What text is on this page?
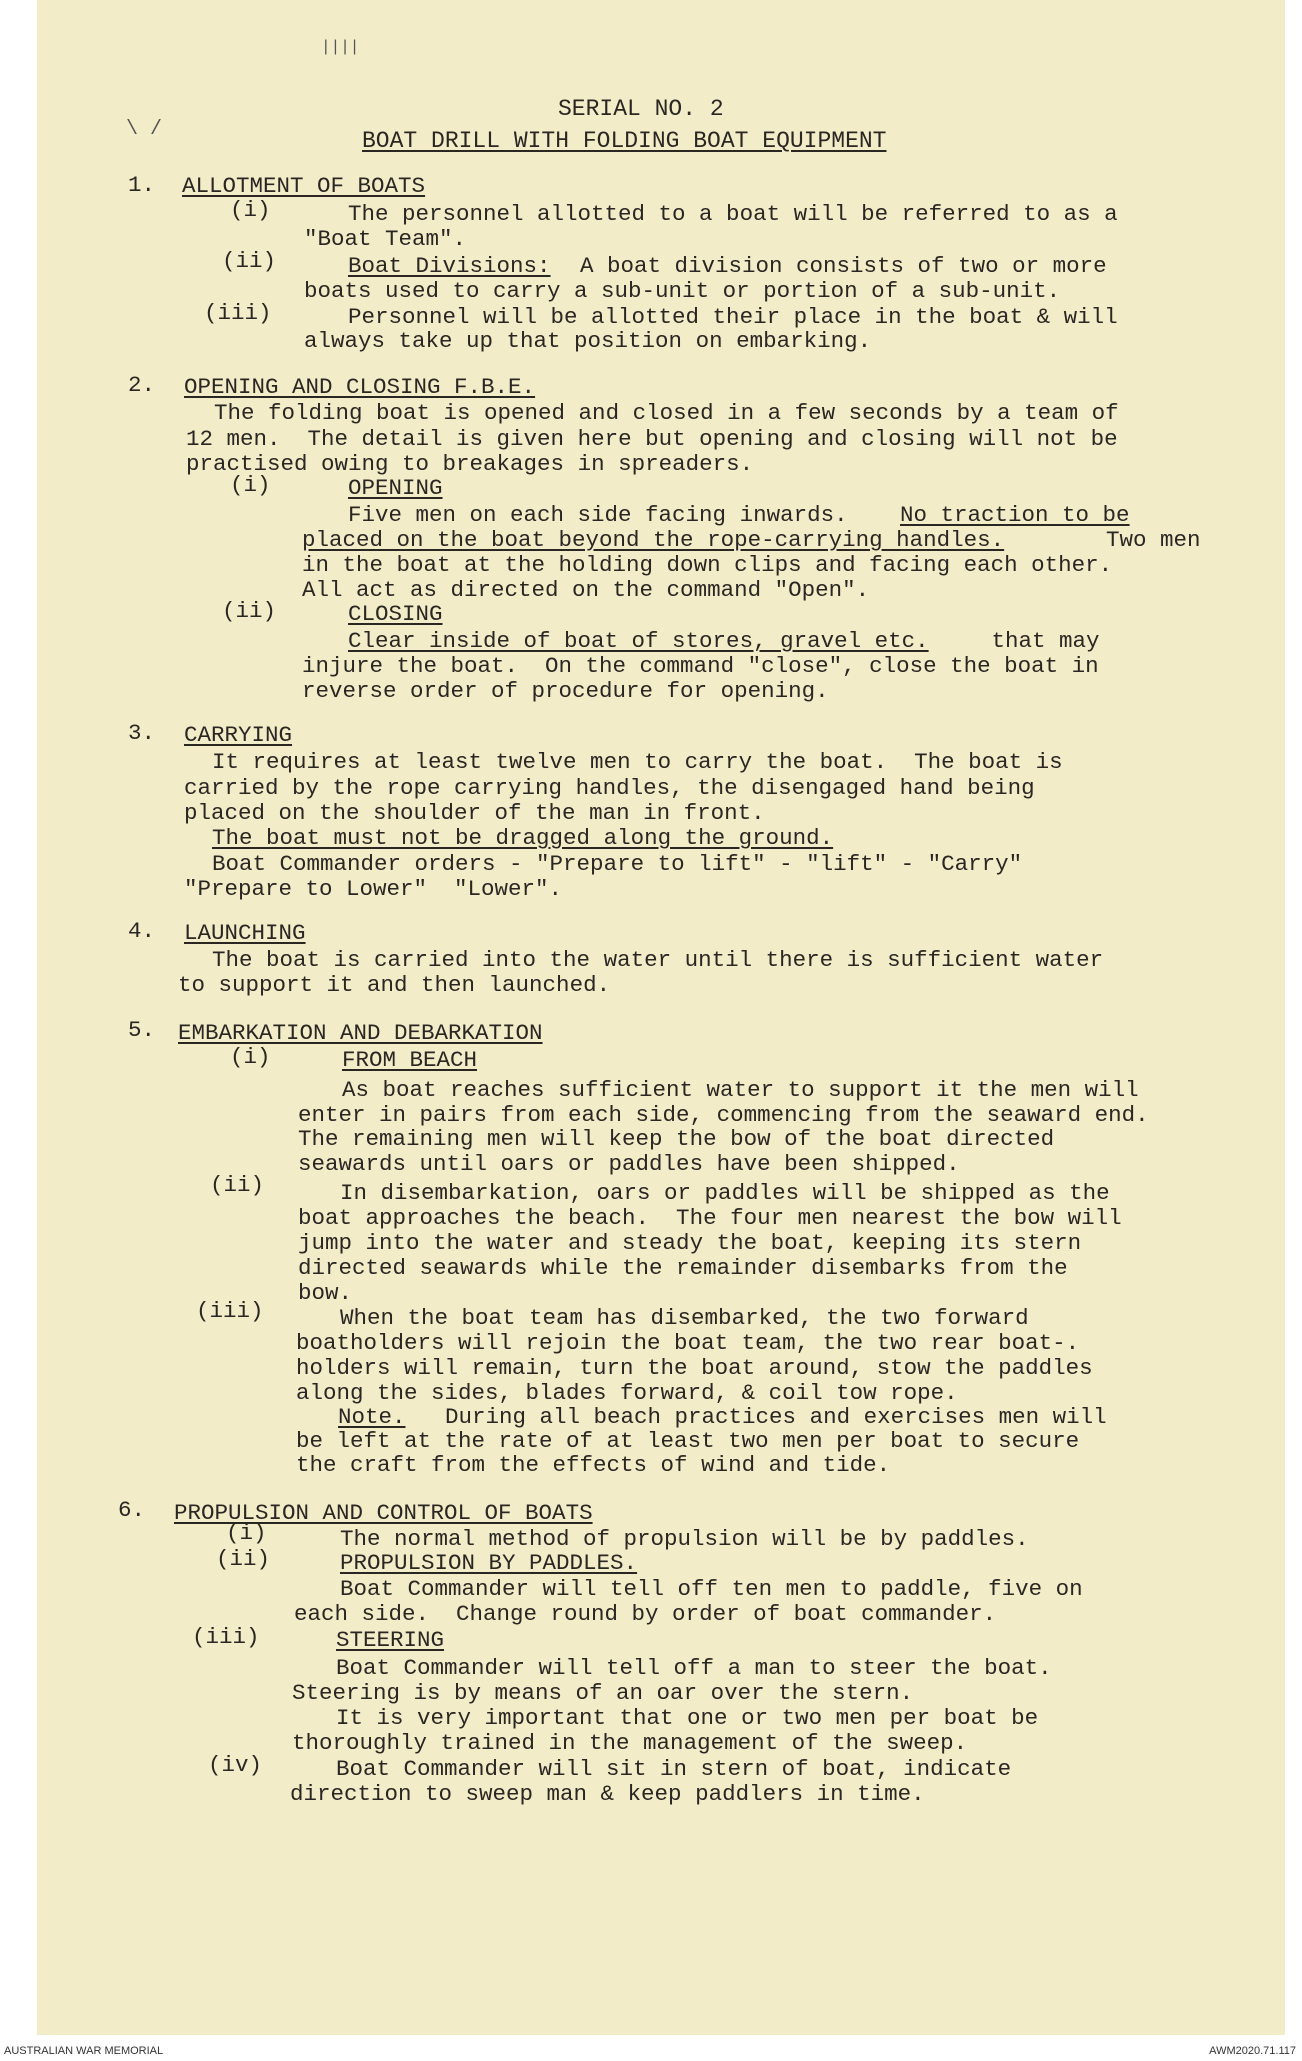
||||
\ /
SERIAL NO. 2
BOAT DRILL WITH FOLDING BOAT EQUIPMENT
1. ALLOTMENT OF BOATS
(i)	The personnel allotted to a boat will be referred to as a
"Boat Team".
(ii)	Boat Divisions: A boat division consists of two or more
boats used to carry a sub-unit or portion of a sub-unit.
(iii)	Personnel will be allotted their place in the boat & will
always take up that position on embarking.
2. OPENING AND CLOSING F.B.E.
The folding boat is opened and closed in a few seconds by a team of
12 men.  The detail is given here but opening and closing will not be
practised owing to breakages in spreaders.
(i)	OPENING
Five men on each side facing inwards. No traction to be
placed on the boat beyond the rope-carrying handles.	Two men
in the boat at the holding down clips and facing each other.
All act as directed on the command "Open".
(ii)	CLOSING
Clear inside of boat of stores, gravel etc. that may
injure the boat.  On the command "close", close the boat in
reverse order of procedure for opening.
3. CARRYING
It requires at least twelve men to carry the boat.  The boat is
carried by the rope carrying handles, the disengaged hand being
placed on the shoulder of the man in front.
The boat must not be dragged along the ground.
Boat Commander orders - "Prepare to lift" - "lift" - "Carry"
"Prepare to Lower"  "Lower".
4. LAUNCHING
The boat is carried into the water until there is sufficient water
to support it and then launched.
5. EMBARKATION AND DEBARKATION
(i)	FROM BEACH
As boat reaches sufficient water to support it the men will
enter in pairs from each side, commencing from the seaward end.
The remaining men will keep the bow of the boat directed
seawards until oars or paddles have been shipped.
(ii)	In disembarkation, oars or paddles will be shipped as the
boat approaches the beach.  The four men nearest the bow will
jump into the water and steady the boat, keeping its stern
directed seawards while the remainder disembarks from the
bow.
(iii)	When the boat team has disembarked, the two forward
boatholders will rejoin the boat team, the two rear boat-.
holders will remain, turn the boat around, stow the paddles
along the sides, blades forward, & coil tow rope.
Note. During all beach practices and exercises men will
be left at the rate of at least two men per boat to secure
the craft from the effects of wind and tide.
6. PROPULSION AND CONTROL OF BOATS
(i)	The normal method of propulsion will be by paddles.
(ii)	PROPULSION BY PADDLES.
Boat Commander will tell off ten men to paddle, five on
each side.  Change round by order of boat commander.
(iii)	STEERING
Boat Commander will tell off a man to steer the boat.
Steering is by means of an oar over the stern.
It is very important that one or two men per boat be
thoroughly trained in the management of the sweep.
(iv)	Boat Commander will sit in stern of boat, indicate
direction to sweep man & keep paddlers in time.
AUSTRALIAN WAR MEMORIAL	AWM2020.71.117
